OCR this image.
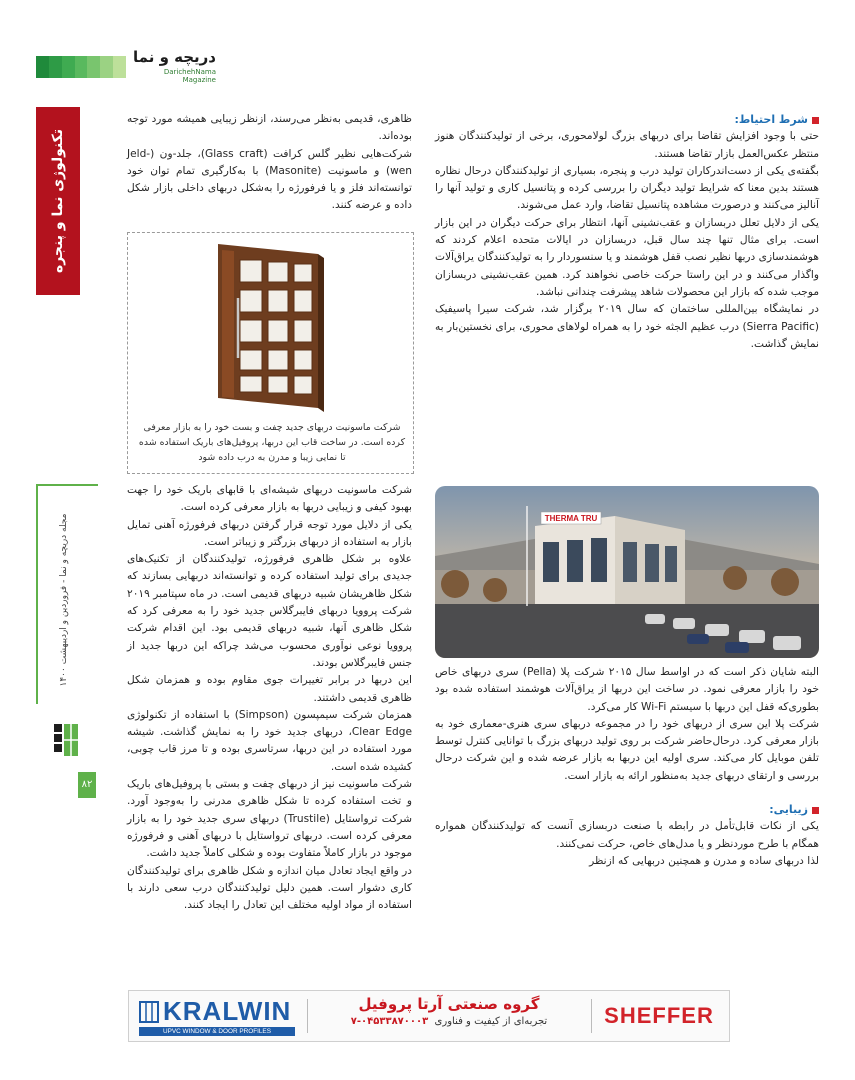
دریچه و نما
DarichehNama Magazine
تکنولوژی نما و پنجره
مجله دریچه و نما - فروردین و اردیبهشت ۱۴۰۰
۸۲

شرط احتیاط:

حتی با وجود افزایش تقاضا برای دربهای بزرگ لولامحوری، برخی از تولیدکنندگان هنوز منتظر عکس‌العمل بازار تقاضا هستند.

بگفته‌ی یکی از دست‌اندرکاران تولید درب و پنجره، بسیاری از تولیدکنندگان درحال نظاره هستند بدین معنا که شرایط تولید دیگران را بررسی کرده و پتانسیل کاری و تولید آنها را آنالیز می‌کنند و درصورت مشاهده پتانسیل تقاضا، وارد عمل می‌شوند.

یکی از دلایل تعلل دربسازان و عقب‌نشینی آنها، انتظار برای حرکت دیگران در این بازار است. برای مثال تنها چند سال قبل، دربسازان در ایالات متحده اعلام کردند که هوشمندسازی دربها نظیر نصب قفل هوشمند و یا سنسوردار را به تولیدکنندگان یراق‌آلات واگذار می‌کنند و در این راستا حرکت خاصی نخواهند کرد. همین عقب‌نشینی دربسازان موجب شده که بازار این محصولات شاهد پیشرفت چندانی نباشد.

در نمایشگاه بین‌المللی ساختمان که سال ۲۰۱۹ برگزار شد، شرکت سیرا پاسیفیک (Sierra Pacific) درب عظیم الجثه خود را به همراه لولاهای محوری، برای نخستین‌بار به نمایش گذاشت.

THERMA TRU

البته شایان ذکر است که در اواسط سال ۲۰۱۵ شرکت پلا (Pella) سری دربهای خاص خود را بازار معرفی نمود. در ساخت این دربها از یراق‌آلات هوشمند استفاده شده بود بطوری‌که قفل این دربها با سیستم Wi-Fi کار می‌کرد.

شرکت پلا این سری از دربهای خود را در مجموعه دربهای سری هنری-معماری خود به بازار معرفی کرد. درحال‌حاضر شرکت بر روی تولید دربهای بزرگ با توانایی کنترل توسط تلفن موبایل کار می‌کند. سری اولیه این دربها به بازار عرضه شده و این شرکت درحال بررسی و ارتقای دربهای جدید به‌منظور ارائه به بازار است.

زیبایی:

یکی از نکات قابل‌تأمل در رابطه با صنعت دربسازی آنست که تولیدکنندگان همواره همگام با طرح موردنظر و یا مدل‌های خاص، حرکت نمی‌کنند.

لذا دربهای ساده و مدرن و همچنین دربهایی که ازنظر

ظاهری، قدیمی به‌نظر می‌رسند، ازنظر زیبایی همیشه مورد توجه بوده‌اند.

شرکت‌هایی نظیر گلس کرافت (Glass craft)، جلد-ون (Jeld-wen) و ماسونیت (Masonite) با به‌کارگیری تمام توان خود توانسته‌اند فلز و یا فرفورژه را به‌شکل دربهای داخلی بازار شکل داده و عرضه کنند.

شرکت ماسونیت دربهای جدید چفت و بست خود را به بازار معرفی کرده است. در ساخت قاب این دربها، پروفیل‌های باریک استفاده شده تا نمایی زیبا و مدرن به درب داده شود

شرکت ماسونیت دربهای شیشه‌ای با قابهای باریک خود را جهت بهبود کیفی و زیبایی دربها به بازار معرفی کرده است.

یکی از دلایل مورد توجه قرار گرفتن دربهای فرفورژه آهنی تمایل بازار به استفاده از دربهای بزرگتر و زیباتر است.

علاوه بر شکل ظاهری فرفورژه، تولیدکنندگان از تکنیک‌های جدیدی برای تولید استفاده کرده و توانسته‌اند دربهایی بسازند که شکل ظاهریشان شبیه دربهای قدیمی است. در ماه سپتامبر ۲۰۱۹ شرکت پروویا دربهای فایبرگلاس جدید خود را به معرفی کرد که شکل ظاهری آنها، شبیه دربهای قدیمی بود. این اقدام شرکت پروویا نوعی نوآوری محسوب می‌شد چراکه این دربها جدید از جنس فایبرگلاس بودند.

این دربها در برابر تغییرات جوی مقاوم بوده و همزمان شکل ظاهری قدیمی داشتند.

همزمان شرکت سیمپسون (Simpson) با استفاده از تکنولوژی Clear Edge، دربهای جدید خود را به نمایش گذاشت. شیشه مورد استفاده در این دربها، سرتاسری بوده و تا مرز قاب چوبی، کشیده شده است.

شرکت ماسونیت نیز از دربهای چفت و بستی با پروفیل‌های باریک و تخت استفاده کرده تا شکل ظاهری مدرنی را به‌وجود آورد. شرکت ترواستایل (Trustile) دربهای سری جدید خود را به بازار معرفی کرده است. دربهای ترواستایل با دربهای آهنی و فرفورژه موجود در بازار کاملاً متفاوت بوده و شکلی کاملاً جدید داشت.

در واقع ایجاد تعادل میان اندازه و شکل ظاهری برای تولیدکنندگان کاری دشوار است. همین دلیل تولیدکنندگان درب سعی دارند با استفاده از مواد اولیه مختلف این تعادل را ایجاد کنند.

KRALWIN
UPVC WINDOW & DOOR PROFILES
گروه صنعتی آرتا پروفیل
تجربه‌ای از کیفیت و فناوری  ۰۴۵۳۳۸۷۰۰۰۳-۷	SHEFFER
